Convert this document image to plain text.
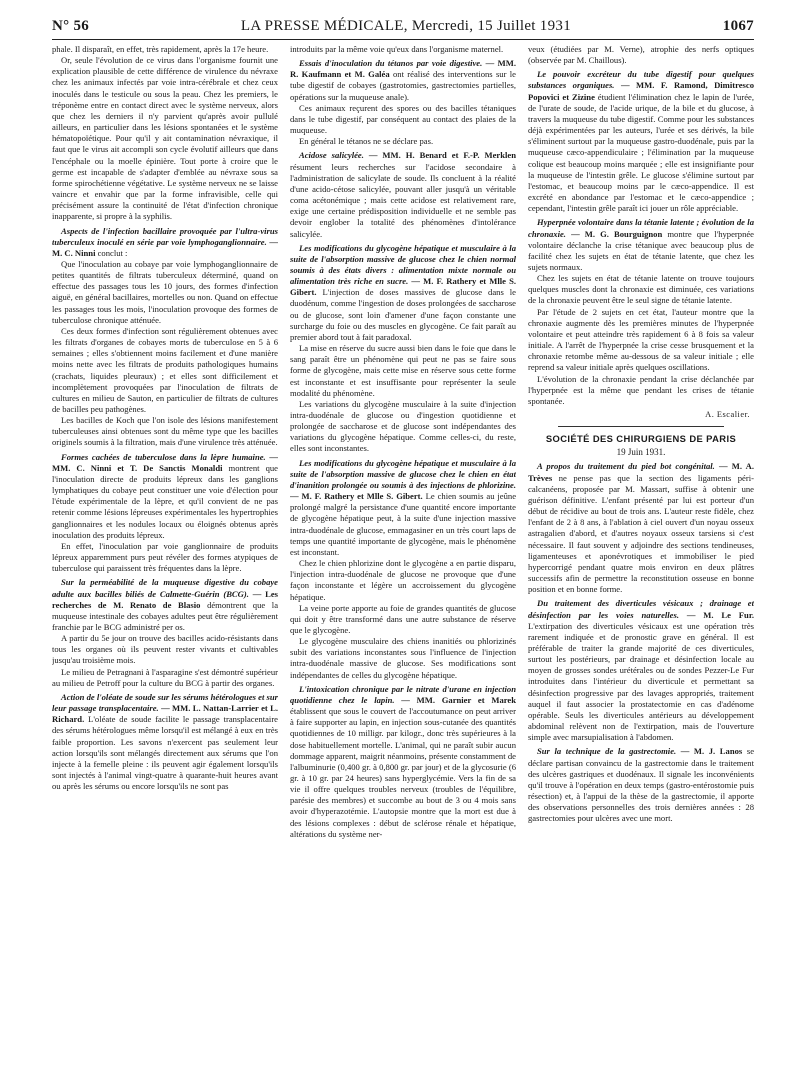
N° 56	LA PRESSE MÉDICALE, Mercredi, 15 Juillet 1931	1067

phale. Il disparaît, en effet, très rapidement, après la 17e heure.

Or, seule l'évolution de ce virus dans l'organisme fournit une explication plausible de cette différence de virulence du névraxe chez les animaux infectés par voie intra-cérébrale et chez ceux inoculés dans le testicule ou sous la peau. Chez les premiers, le tréponème entre en contact direct avec le système nerveux, alors que chez les derniers il n'y parvient qu'après avoir pullulé ailleurs, en particulier dans les lésions spontanées et le système hématopoïétique. Pour qu'il y ait contamination névraxique, il faut que le virus ait accompli son cycle évolutif ailleurs que dans l'encéphale ou la moelle épinière. Tout porte à croire que le germe est incapable de s'adapter d'emblée au névraxe sous sa forme spirochétienne végétative. Le système nerveux ne se laisse vaincre et envahir que par la forme infravisible, celle qui précisément assure la continuité de l'état d'infection chronique inapparente, si propre à la syphilis.

Aspects de l'infection bacillaire provoquée par l'ultra-virus tuberculeux inoculé en série par voie lymphoganglionnaire. — M. C. Ninni conclut :

Que l'inoculation au cobaye par voie lymphoganglionnaire de petites quantités de filtrats tuberculeux déterminé, quand on effectue des passages tous les 10 jours, des formes d'infection aiguë, en général bacillaires, mortelles ou non. Quand on effectue les passages tous les mois, l'inoculation provoque des formes de tuberculose chronique atténuée.

Ces deux formes d'infection sont régulièrement obtenues avec les filtrats d'organes de cobayes morts de tuberculose en 5 à 6 semaines ; elles s'obtiennent moins facilement et d'une manière moins nette avec les filtrats de produits pathologiques humains (crachats, liquides pleuraux) ; et elles sont difficilement et incomplètement provoquées par l'inoculation de filtrats de cultures en milieu de Sauton, en particulier de filtrats de cultures de bacilles peu pathogènes.

Les bacilles de Koch que l'on isole des lésions manifestement tuberculeuses ainsi obtenues sont du même type que les bacilles originels soumis à la filtration, mais d'une virulence très atténuée.

Formes cachées de tuberculose dans la lèpre humaine. — MM. C. Ninni et T. De Sanctis Monaldi montrent que l'inoculation directe de produits lépreux dans les ganglions lymphatiques du cobaye peut constituer une voie d'élection pour l'étude expérimentale de la lèpre, et qu'il convient de ne pas retenir comme lésions lépreuses expérimentales les hypertrophies ganglionnaires et les nodules locaux ou éloignés obtenus après inoculation des produits lépreux.

En effet, l'inoculation par voie ganglionnaire de produits lépreux apparemment purs peut révéler des formes atypiques de tuberculose qui paraissent très fréquentes dans la lèpre.

Sur la perméabilité de la muqueuse digestive du cobaye adulte aux bacilles biliés de Calmette-Guérin (BCG). — Les recherches de M. Renato de Blasio démontrent que la muqueuse intestinale des cobayes adultes peut être régulièrement franchie par le BCG administré per os.

A partir du 5e jour on trouve des bacilles acido-résistants dans tous les organes où ils peuvent rester vivants et cultivables jusqu'au troisième mois.

Le milieu de Petragnani à l'asparagine s'est démontré supérieur au milieu de Petroff pour la culture du BCG à partir des organes.

Action de l'oléate de soude sur les sérums hétérologues et sur leur passage transplacentaire. — MM. L. Nattan-Larrier et L. Richard. L'oléate de soude facilite le passage transplacentaire des sérums hétérologues même lorsqu'il est mélangé à eux en très faible proportion. Les savons n'exercent pas seulement leur action lorsqu'ils sont mélangés directement aux sérums que l'on injecte à la femelle pleine : ils peuvent agir également lorsqu'ils sont injectés à l'animal vingt-quatre à quarante-huit heures avant ou après les sérums ou encore lorsqu'ils ne sont pas

introduits par la même voie qu'eux dans l'organisme maternel.

Essais d'inoculation du tétanos par voie digestive. — MM. R. Kaufmann et M. Galéa ont réalisé des interventions sur le tube digestif de cobayes (gastrotomies, gastrectomies partielles, opérations sur la muqueuse anale).

Ces animaux reçurent des spores ou des bacilles tétaniques dans le tube digestif, par conséquent au contact des plaies de la muqueuse.

En général le tétanos ne se déclare pas.

Acidose salicylée. — MM. H. Benard et F.-P. Merklen résument leurs recherches sur l'acidose secondaire à l'administration de salicylate de soude. Ils concluent à la réalité d'une acido-cétose salicylée, pouvant aller jusqu'à un véritable coma acétonémique ; mais cette acidose est relativement rare, exige une certaine prédisposition individuelle et ne semble pas devoir englober la totalité des phénomènes d'intolérance salicylée.

Les modifications du glycogène hépatique et musculaire à la suite de l'absorption massive de glucose chez le chien normal soumis à des états divers : alimentation mixte normale ou alimentation très riche en sucre. — M. F. Rathery et Mlle S. Gibert. L'injection de doses massives de glucose dans le duodénum, comme l'ingestion de doses prolongées de saccharose ou de glucose, sont loin d'amener d'une façon constante une surcharge du foie ou des muscles en glycogène. Ce fait paraît au premier abord tout à fait paradoxal.

La mise en réserve du sucre aussi bien dans le foie que dans le sang paraît être un phénomène qui peut ne pas se faire sous forme de glycogène, mais cette mise en réserve sous cette forme est inconstante et est insuffisante pour représenter la seule modalité du phénomène.

Les variations du glycogène musculaire à la suite d'injection intra-duodénale de glucose ou d'ingestion quotidienne et prolongée de saccharose et de glucose sont indépendantes des variations du glycogène hépatique. Comme celles-ci, du reste, elles sont inconstantes.

Les modifications du glycogène hépatique et musculaire à la suite de l'absorption massive de glucose chez le chien en état d'inanition prolongée ou soumis à des injections de phlorizine. — M. F. Rathery et Mlle S. Gibert. Le chien soumis au jeûne prolongé malgré la persistance d'une quantité encore importante de glycogène hépatique peut, à la suite d'une injection massive intra-duodénale de glucose, emmagasiner en un très court laps de temps une quantité importante de glycogène, mais le phénomène est inconstant.

Chez le chien phlorizine dont le glycogène a en partie disparu, l'injection intra-duodénale de glucose ne provoque que d'une façon inconstante et légère un accroissement du glycogène hépatique.

La veine porte apporte au foie de grandes quantités de glucose qui doit y être transformé dans une autre substance de réserve que le glycogène.

Le glycogène musculaire des chiens inanitiés ou phlorizinés subit des variations inconstantes sous l'influence de l'injection intra-duodénale massive de glucose. Ses modifications sont indépendantes de celles du glycogène hépatique.

L'intoxication chronique par le nitrate d'urane en injection quotidienne chez le lapin. — MM. Garnier et Marek établissent que sous le couvert de l'accoutumance on peut arriver à faire supporter au lapin, en injection sous-cutanée des quantités quotidiennes de 10 milligr. par kilogr., donc très supérieures à la dose habituellement mortelle. L'animal, qui ne paraît subir aucun dommage apparent, maigrit néanmoins, présente constamment de l'albuminurie (0,400 gr. à 0,800 gr. par jour) et de la glycosurie (6 gr. à 10 gr. par 24 heures) sans hyperglycémie. Vers la fin de sa vie il offre quelques troubles nerveux (troubles de l'équilibre, parésie des membres) et succombe au bout de 3 ou 4 mois sans avoir d'hyperazotémie. L'autopsie montre que la mort est due à des lésions complexes : début de sclérose rénale et hépatique, altérations du système ner-

veux (étudiées par M. Verne), atrophie des nerfs optiques (observée par M. Chaillous).

Le pouvoir excréteur du tube digestif pour quelques substances organiques. — MM. F. Ramond, Dimitresco Popovici et Zizine étudient l'élimination chez le lapin de l'urée, de l'urate de soude, de l'acide urique, de la bile et du glucose, à travers la muqueuse du tube digestif. Comme pour les substances déjà expérimentées par les auteurs, l'urée et ses dérivés, la bile s'éliminent surtout par la muqueuse gastro-duodénale, puis par la muqueuse cæco-appendiculaire ; l'élimination par la muqueuse colique est beaucoup moins marquée ; elle est insignifiante pour la muqueuse de l'intestin grêle. Le glucose s'élimine surtout par l'estomac, et beaucoup moins par le cæco-appendice. Il est excrété en abondance par l'estomac et le cæco-appendice ; cependant, l'intestin grêle paraît ici jouer un rôle appréciable.

Hyperpnée volontaire dans la tétanie latente ; évolution de la chronaxie. — M. G. Bourguignon montre que l'hyperpnée volontaire déclanche la crise tétanique avec beaucoup plus de facilité chez les sujets en état de tétanie latente, que chez les sujets normaux.

Chez les sujets en état de tétanie latente on trouve toujours quelques muscles dont la chronaxie est diminuée, ces variations de la chronaxie peuvent être le seul signe de tétanie latente.

Par l'étude de 2 sujets en cet état, l'auteur montre que la chronaxie augmente dès les premières minutes de l'hyperpnée volontaire et peut atteindre très rapidement 6 à 8 fois sa valeur initiale. A l'arrêt de l'hyperpnée la crise cesse brusquement et la chronaxie retombe même au-dessous de sa valeur initiale ; elle reprend sa valeur initiale après quelques oscillations.

L'évolution de la chronaxie pendant la crise déclanchée par l'hyperpnée est la même que pendant les crises de tétanie spontanée.

A. Escalier.
SOCIÉTÉ DES CHIRURGIENS DE PARIS
19 Juin 1931.

A propos du traitement du pied bot congénital. — M. A. Trèves ne pense pas que la section des ligaments péri-calcanéens, proposée par M. Massart, suffise à obtenir une guérison définitive. L'enfant présenté par lui est porteur d'un début de récidive au bout de trois ans. L'auteur reste fidèle, chez l'enfant de 2 à 8 ans, à l'ablation à ciel ouvert d'un noyau osseux astragalien d'abord, et d'autres noyaux osseux tarsiens si c'est nécessaire. Il faut souvent y adjoindre des sections tendineuses, ligamenteuses et aponévrotiques et immobiliser le pied hypercorrigé pendant quatre mois environ en deux plâtres successifs afin de permettre la reconstitution osseuse en bonne position et en bonne forme.

Du traitement des diverticules vésicaux ; drainage et désinfection par les voies naturelles. — M. Le Fur. L'extirpation des diverticules vésicaux est une opération très rarement indiquée et de pronostic grave en général. Il est préférable de traiter la grande majorité de ces diverticules, surtout les postérieurs, par drainage et désinfection locale au moyen de grosses sondes urétérales ou de sondes Pezzer-Le Fur introduites dans l'intérieur du diverticule et permettant sa désinfection progressive par des lavages appropriés, traitement auquel il faut associer la prostatectomie en cas d'adénome opérable. Seuls les diverticules antérieurs au développement abdominal relèvent non de l'extirpation, mais de l'ouverture simple avec marsupialisation à l'abdomen.

Sur la technique de la gastrectomie. — M. J. Lanos se déclare partisan convaincu de la gastrectomie dans le traitement des ulcères gastriques et duodénaux. Il signale les inconvénients qu'il trouve à l'opération en deux temps (gastro-entérostomie puis résection) et, à l'appui de la thèse de la gastrectomie, il apporte des observations personnelles des trois dernières années : 28 gastrectomies pour ulcères avec une mort.
